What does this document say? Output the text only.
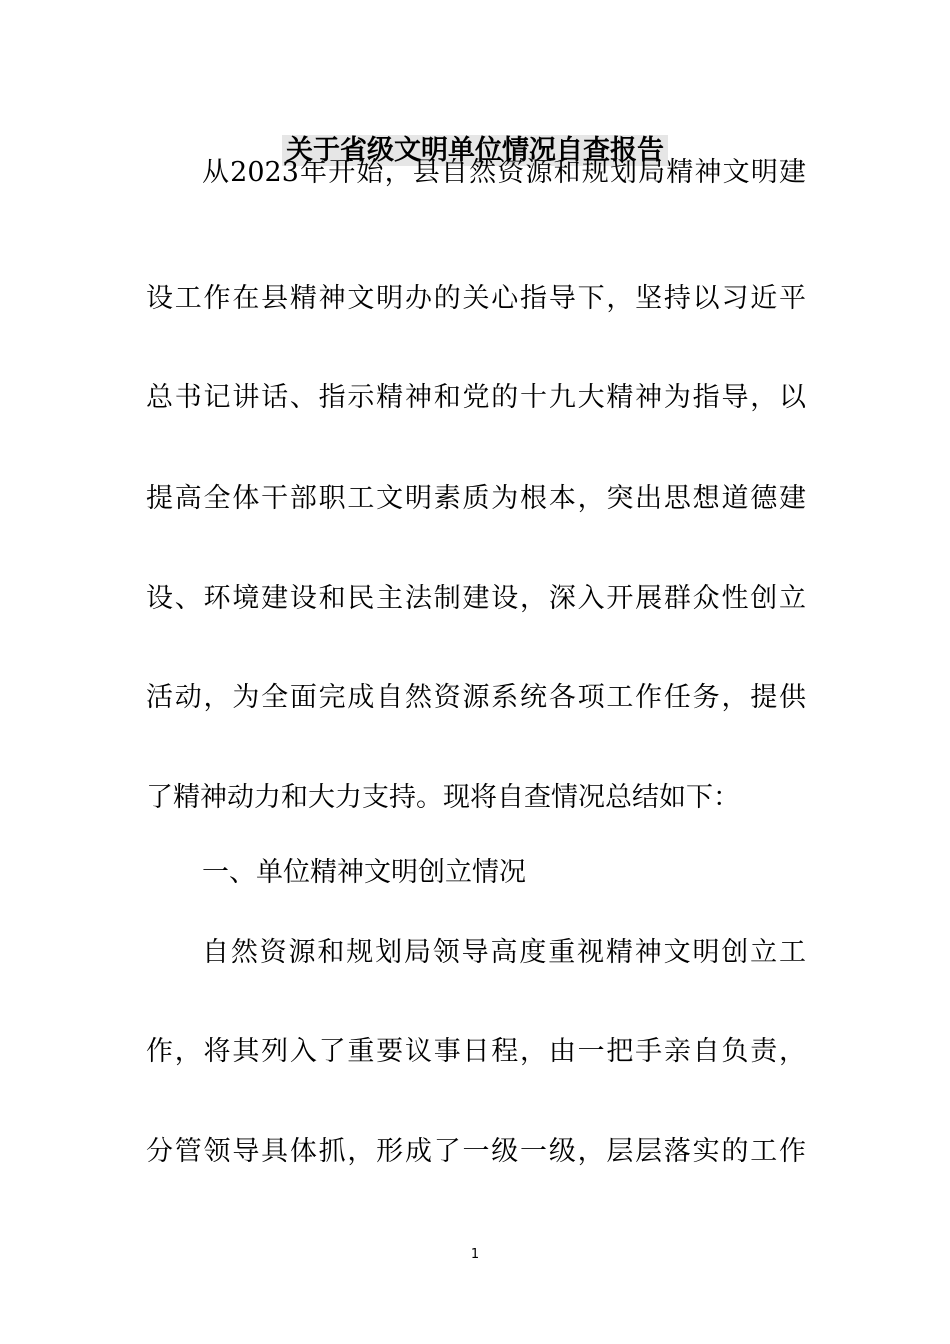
关于省级文明单位情况自查报告
从2023年开始，县自然资源和规划局精神文明建
设工作在县精神文明办的关心指导下，坚持以习近平
总书记讲话、指示精神和党的十九大精神为指导，以
提高全体干部职工文明素质为根本，突出思想道德建
设、环境建设和民主法制建设，深入开展群众性创立
活动，为全面完成自然资源系统各项工作任务，提供
了精神动力和大力支持。现将自查情况总结如下：
一、单位精神文明创立情况
自然资源和规划局领导高度重视精神文明创立工
作，将其列入了重要议事日程，由一把手亲自负责，
分管领导具体抓，形成了一级一级，层层落实的工作
1
